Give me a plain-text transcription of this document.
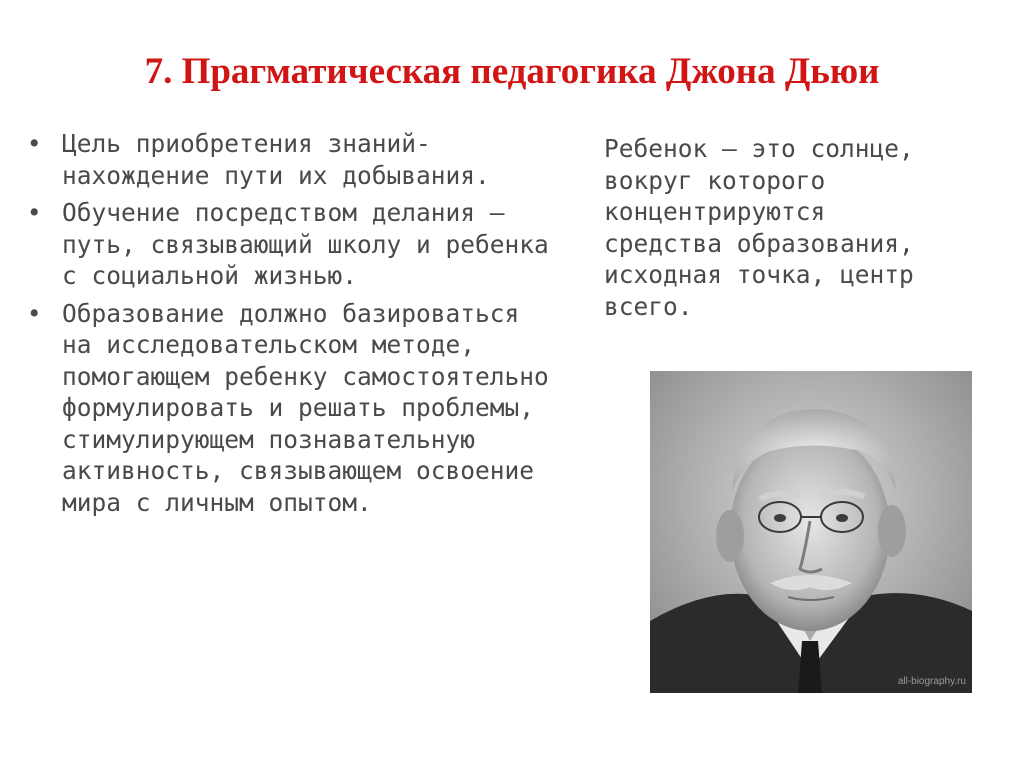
7. Прагматическая педагогика Джона Дьюи
• Цель приобретения знаний-нахождение пути их добывания.
• Обучение посредством делания – путь, связывающий школу и ребенка с социальной жизнью.
• Образование должно базироваться на исследовательском методе, помогающем ребенку самостоятельно формулировать и решать проблемы, стимулирующем познавательную активность, связывающем освоение мира с личным опытом.
Ребенок – это солнце,
вокруг которого
концентрируются
средства образования,
исходная точка, центр
всего.
all-biography.ru
